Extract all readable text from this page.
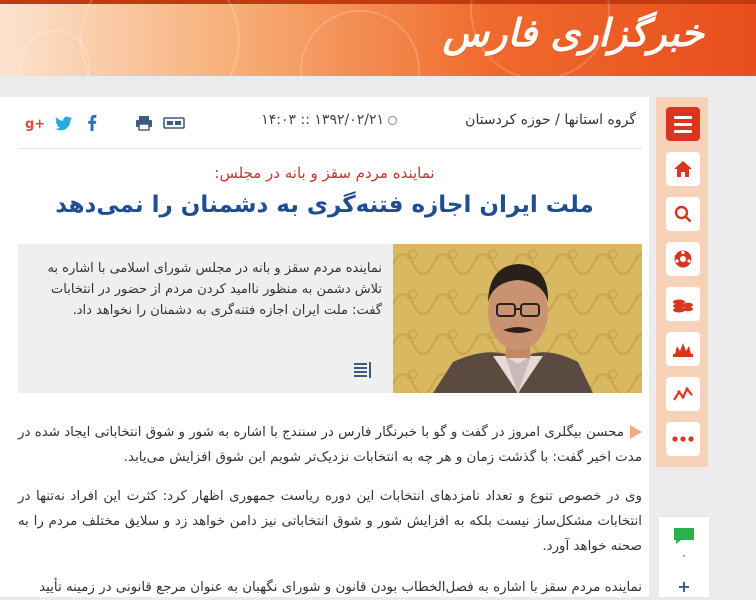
خبرگزاری فارس
g+	۱۳۹۲/۰۲/۲۱ :: ۱۴:۰۳	گروه استانها / حوزه کردستان
نماینده مردم سقز و بانه در مجلس:
ملت ایران اجازه فتنه‌گری به دشمنان را نمی‌دهد
نماینده مردم سقز و بانه در مجلس شورای اسلامی با اشاره به تلاش دشمن به منظور ناامید کردن مردم از حضور در انتخابات گفت: ملت ایران اجازه فتنه‌گری به دشمنان را نخواهد داد.
محسن بیگلری امروز در گفت و گو با خبرنگار فارس در سنندج با اشاره به شور و شوق انتخاباتی ایجاد شده در مدت اخیر گفت: با گذشت زمان و هر چه به انتخابات نزدیک‌تر شویم این شوق افزایش می‌یابد.
وی در خصوص تنوع و تعداد نامزدهای انتخابات این دوره ریاست جمهوری اظهار کرد: کثرت این افراد نه‌تنها در انتخابات مشکل‌ساز نیست بلکه به افزایش شور و شوق انتخاباتی نیز دامن خواهد زد و سلایق مختلف مردم را به صحنه خواهد آورد.
نماینده مردم سقز با اشاره به فصل‌الخطاب بودن قانون و شورای نگهبان به عنوان مرجع قانونی در زمینه تأیید
۰
+
